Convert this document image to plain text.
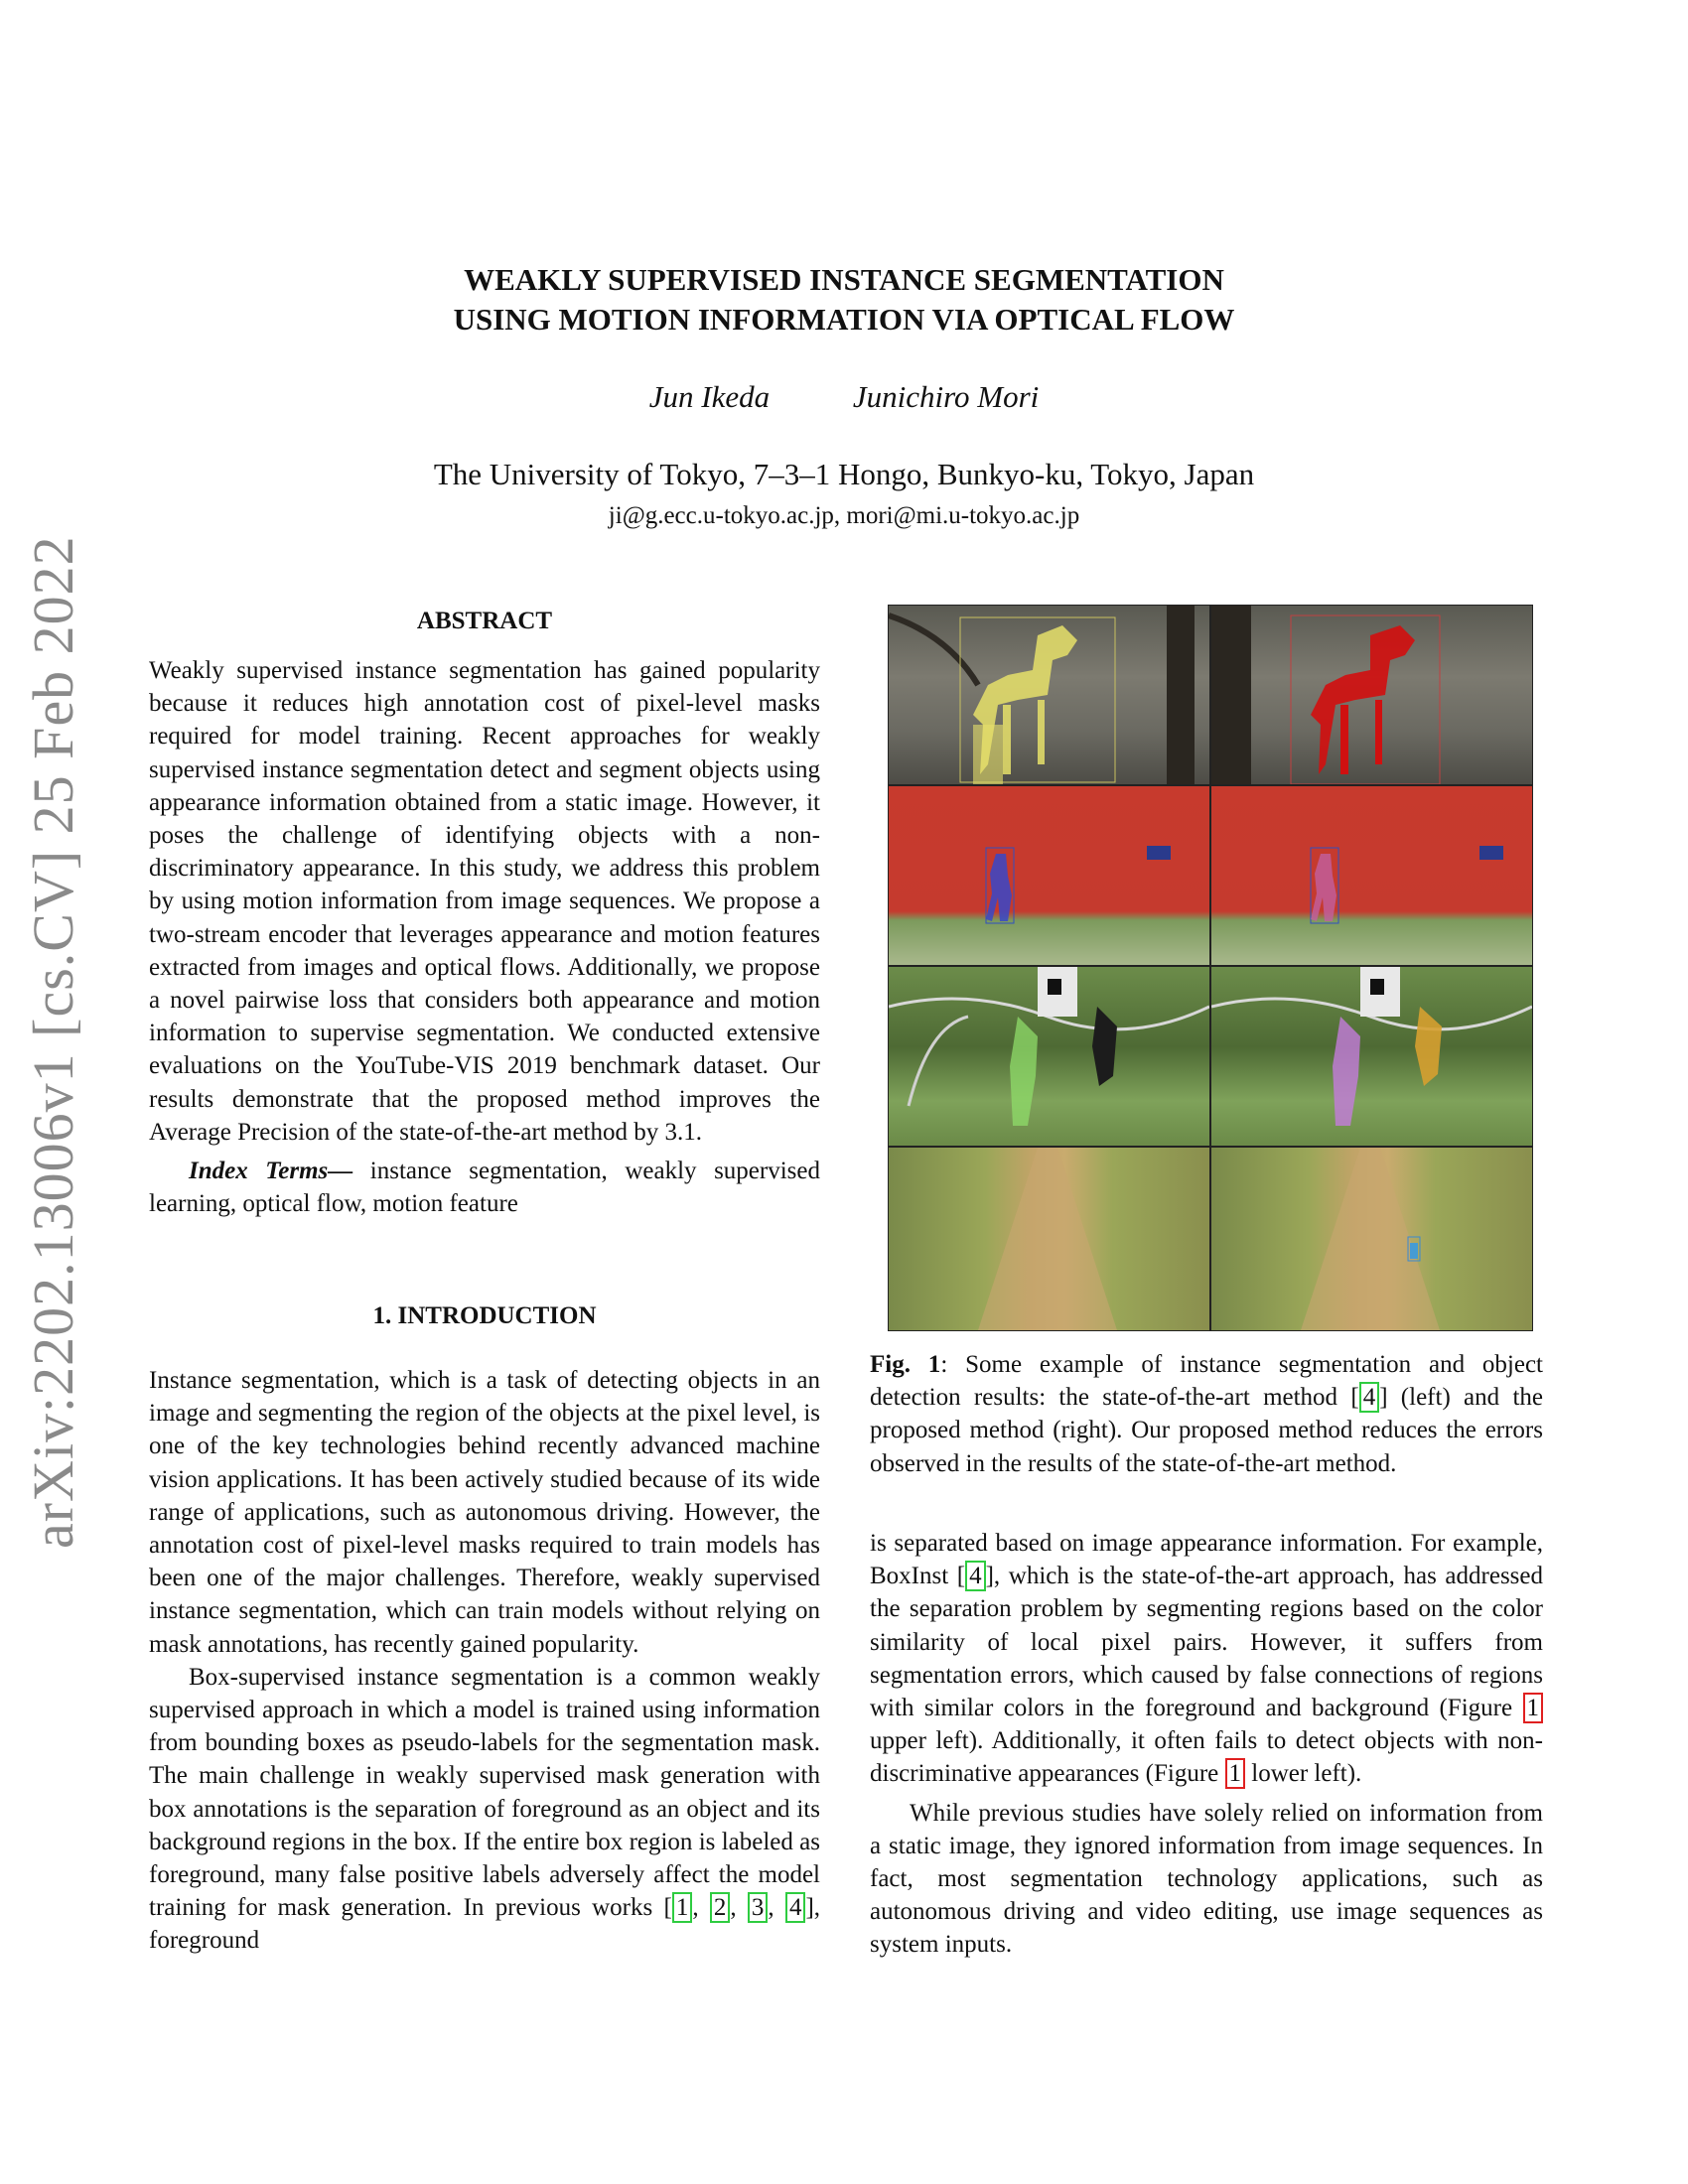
arXiv:2202.13006v1 [cs.CV] 25 Feb 2022
WEAKLY SUPERVISED INSTANCE SEGMENTATION
USING MOTION INFORMATION VIA OPTICAL FLOW
Jun Ikeda	Junichiro Mori
The University of Tokyo, 7–3–1 Hongo, Bunkyo-ku, Tokyo, Japan
ji@g.ecc.u-tokyo.ac.jp, mori@mi.u-tokyo.ac.jp
ABSTRACT

Weakly supervised instance segmentation has gained popularity because it reduces high annotation cost of pixel-level masks required for model training. Recent approaches for weakly supervised instance segmentation detect and segment objects using appearance information obtained from a static image. However, it poses the challenge of identifying objects with a non-discriminatory appearance. In this study, we address this problem by using motion information from image sequences. We propose a two-stream encoder that leverages appearance and motion features extracted from images and optical flows. Additionally, we propose a novel pairwise loss that considers both appearance and motion information to supervise segmentation. We conducted extensive evaluations on the YouTube-VIS 2019 benchmark dataset. Our results demonstrate that the proposed method improves the Average Precision of the state-of-the-art method by 3.1.

Index Terms— instance segmentation, weakly supervised learning, optical flow, motion feature

1. INTRODUCTION

Instance segmentation, which is a task of detecting objects in an image and segmenting the region of the objects at the pixel level, is one of the key technologies behind recently advanced machine vision applications. It has been actively studied because of its wide range of applications, such as autonomous driving. However, the annotation cost of pixel-level masks required to train models has been one of the major challenges. Therefore, weakly supervised instance segmentation, which can train models without relying on mask annotations, has recently gained popularity.

Box-supervised instance segmentation is a common weakly supervised approach in which a model is trained using information from bounding boxes as pseudo-labels for the segmentation mask. The main challenge in weakly supervised mask generation with box annotations is the separation of foreground as an object and its background regions in the box. If the entire box region is labeled as foreground, many false positive labels adversely affect the model training for mask generation. In previous works [ 1 , 2 , 3 , 4 ], foreground

Fig. 1: Some example of instance segmentation and object detection results: the state-of-the-art method [ 4 ] (left) and the proposed method (right). Our proposed method reduces the errors observed in the results of the state-of-the-art method.

is separated based on image appearance information. For example, BoxInst [ 4 ], which is the state-of-the-art approach, has addressed the separation problem by segmenting regions based on the color similarity of local pixel pairs. However, it suffers from segmentation errors, which caused by false connections of regions with similar colors in the foreground and background (Figure 1 upper left). Additionally, it often fails to detect objects with non-discriminative appearances (Figure 1 lower left).

While previous studies have solely relied on information from a static image, they ignored information from image sequences. In fact, most segmentation technology applications, such as autonomous driving and video editing, use image sequences as system inputs.
